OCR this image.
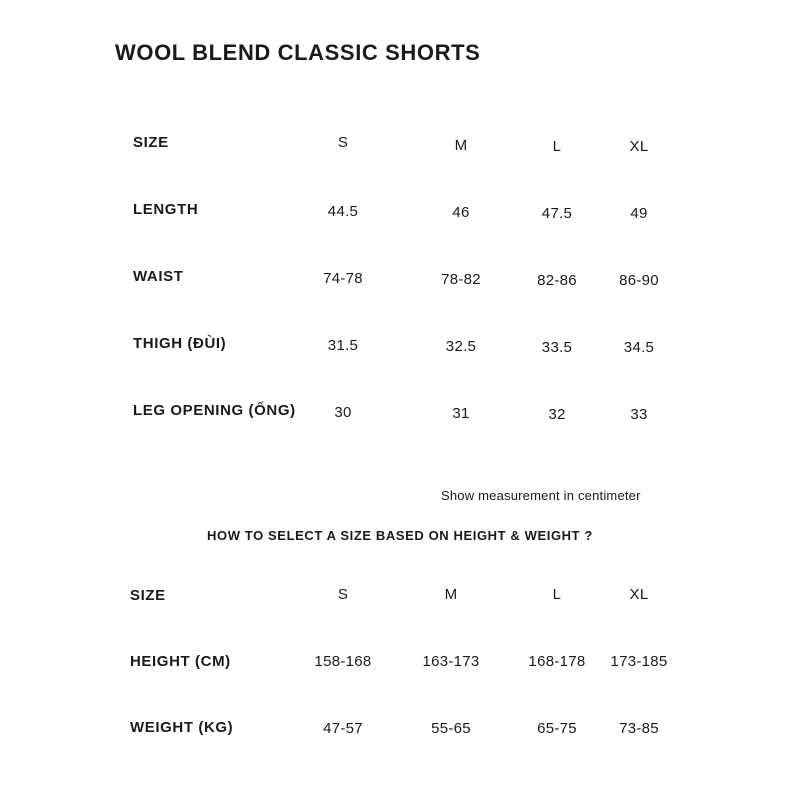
WOOL BLEND CLASSIC SHORTS
SIZE	S	M	L	XL
LENGTH	44.5	46	47.5	49
WAIST	74-78	78-82	82-86	86-90
THIGH (ĐÙI)	31.5	32.5	33.5	34.5
LEG OPENING (ỐNG)	30	31	32	33
Show measurement in centimeter
HOW TO SELECT A SIZE BASED ON HEIGHT & WEIGHT ?
SIZE	S	M	L	XL
HEIGHT (CM)	158-168	163-173	168-178	173-185
WEIGHT (KG)	47-57	55-65	65-75	73-85
